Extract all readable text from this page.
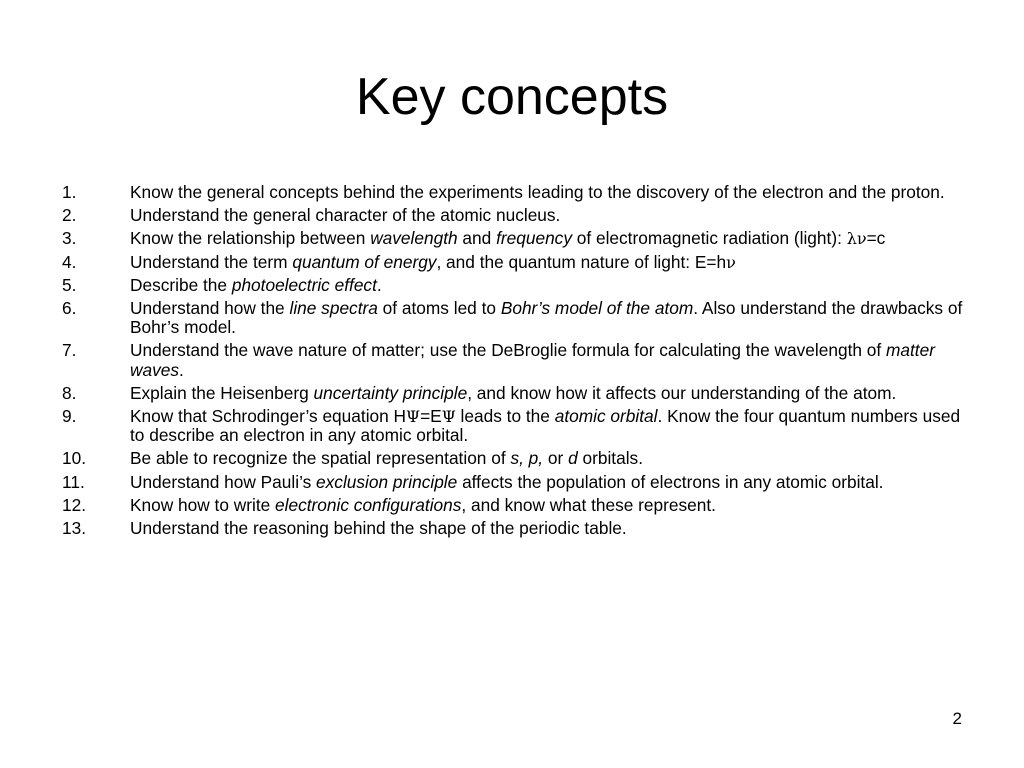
Key concepts
1.	Know the general concepts behind the experiments leading to the discovery of the electron and the proton.
2.	Understand the general character of the atomic nucleus.
3.	Know the relationship between wavelength and frequency of electromagnetic radiation (light): λν=c
4.	Understand the term quantum of energy, and the quantum nature of light: E=hν
5.	Describe the photoelectric effect.
6.	Understand how the line spectra of atoms led to Bohr’s model of the atom. Also understand the drawbacks of Bohr’s model.
7.	Understand the wave nature of matter; use the DeBroglie formula for calculating the wavelength of matter waves.
8.	Explain the Heisenberg uncertainty principle, and know how it affects our understanding of the atom.
9.	Know that Schrodinger’s equation HΨ=EΨ leads to the atomic orbital. Know the four quantum numbers used to describe an electron in any atomic orbital.
10.	Be able to recognize the spatial representation of s, p, or d orbitals.
11.	Understand how Pauli’s exclusion principle affects the population of electrons in any atomic orbital.
12.	Know how to write electronic configurations, and know what these represent.
13.	Understand the reasoning behind the shape of the periodic table.
2
